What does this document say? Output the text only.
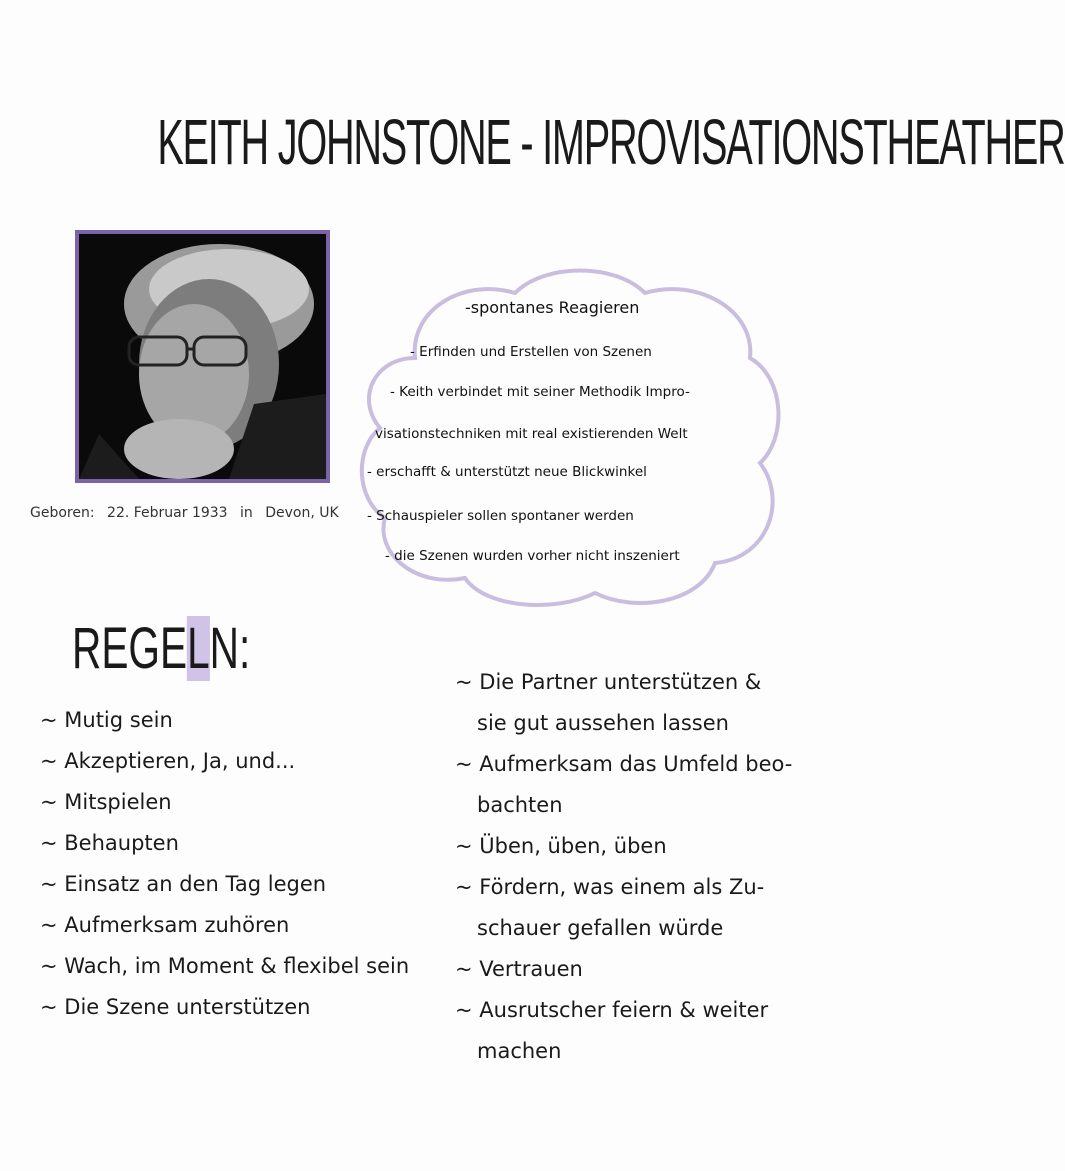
KEITH JOHNSTONE - IMPROVISATIONSTHEATHER
Geboren: 22. Februar 1933 in Devon, UK
-spontanes Reagieren
- Erfinden und Erstellen von Szenen
- Keith verbindet mit seiner Methodik Impro-
visationstechniken mit real existierenden Welt
- erschafft & unterstützt neue Blickwinkel
- Schauspieler sollen spontaner werden
- die Szenen wurden vorher nicht inszeniert
REGELN:
~ Mutig sein
~ Akzeptieren, Ja, und...
~ Mitspielen
~ Behaupten
~ Einsatz an den Tag legen
~ Aufmerksam zuhören
~ Wach, im Moment & flexibel sein
~ Die Szene unterstützen
~ Die Partner unterstützen &
sie gut aussehen lassen
~ Aufmerksam das Umfeld beo-
bachten
~ Üben, üben, üben
~ Fördern, was einem als Zu-
schauer gefallen würde
~ Vertrauen
~ Ausrutscher feiern & weiter
machen
